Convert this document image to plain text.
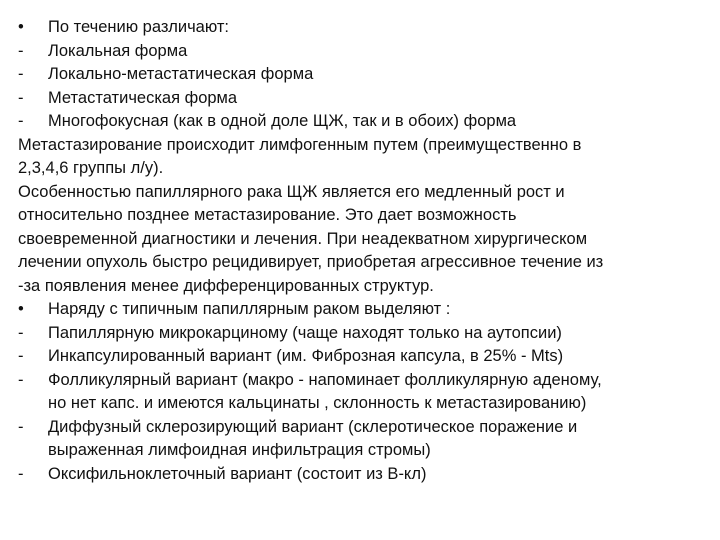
•	По течению различают:
-	Локальная форма
-	Локально-метастатическая форма
-	Метастатическая форма
-	Многофокусная (как в одной доле ЩЖ, так и в обоих) форма
Метастазирование происходит лимфогенным путем (преимущественно в
2,3,4,6 группы л/у).
Особенностью папиллярного рака ЩЖ является его медленный рост и
относительно позднее метастазирование. Это дает возможность
своевременной диагностики и лечения. При неадекватном хирургическом
лечении опухоль быстро рецидивирует, приобретая агрессивное течение из
-за появления менее дифференцированных структур.
•	Наряду с типичным папиллярным раком выделяют :
-	Папиллярную микрокарциному (чаще находят только на аутопсии)
-	Инкапсулированный вариант (им. Фиброзная капсула, в 25% - Mts)
-	Фолликулярный вариант (макро - напоминает фолликулярную аденому,
но нет капс. и имеются кальцинаты , склонность к метастазированию)
-	Диффузный склерозирующий вариант (склеротическое поражение и
выраженная лимфоидная инфильтрация стромы)
-	Оксифильноклеточный вариант (состоит из В-кл)
